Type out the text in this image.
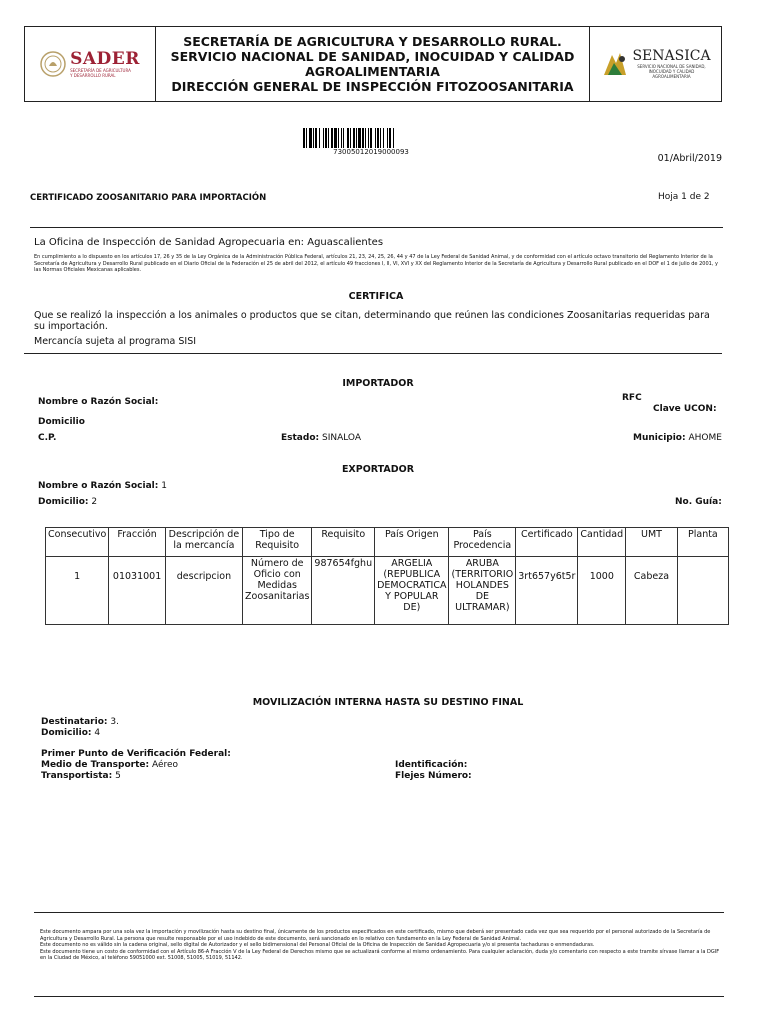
SADER
SECRETARÍA DE AGRICULTURA
Y DESARROLLO RURAL
SECRETARÍA DE AGRICULTURA Y DESARROLLO RURAL.
SERVICIO NACIONAL DE SANIDAD, INOCUIDAD Y CALIDAD
AGROALIMENTARIA
DIRECCIÓN GENERAL DE INSPECCIÓN FITOZOOSANITARIA
SENASICA
SERVICIO NACIONAL DE SANIDAD,
INOCUIDAD Y CALIDAD
AGROALIMENTARIA
73005012019000093
01/Abril/2019
CERTIFICADO ZOOSANITARIO PARA IMPORTACIÓN	Hoja 1 de 2
La Oficina de Inspección de Sanidad Agropecuaria en: Aguascalientes
En cumplimiento a lo dispuesto en los artículos 17, 26 y 35 de la Ley Orgánica de la Administración Pública Federal, artículos 21, 23, 24, 25, 26, 44 y 47 de la Ley Federal de Sanidad Animal, y de conformidad con el artículo octavo transitorio del Reglamento Interior de la Secretaría de Agricultura y Desarrollo Rural publicado en el Diario Oficial de la Federación el 25 de abril del 2012, el artículo 49 fracciones I, II, VI, XVI y XX del Reglamento Interior de la Secretaría de Agricultura y Desarrollo Rural publicado en el DOF el 1 de julio de 2001, y las Normas Oficiales Mexicanas aplicables.
CERTIFICA
Que se realizó la inspección a los animales o productos que se citan, determinando que reúnen las condiciones Zoosanitarias requeridas para su importación.
Mercancía sujeta al programa SISI
IMPORTADOR
Nombre o Razón Social:	RFC
Clave UCON:
Domicilio
C.P.	Estado: SINALOA	Municipio: AHOME
EXPORTADOR
Nombre o Razón Social: 1
Domicilio: 2	No. Guía:
Consecutivo	Fracción	Descripción de la mercancía	Tipo de Requisito	Requisito	País Origen	País Procedencia	Certificado	Cantidad	UMT	Planta
1	01031001	descripcion	Número de Oficio con Medidas Zoosanitarias	987654fghu	ARGELIA (REPUBLICA DEMOCRATICA Y POPULAR DE)	ARUBA (TERRITORIO HOLANDES DE ULTRAMAR)	3rt657y6t5r	1000	Cabeza	
MOVILIZACIÓN INTERNA HASTA SU DESTINO FINAL
Destinatario: 3.
Domicilio: 4
Primer Punto de Verificación Federal:
Medio de Transporte: Aéreo
Transportista: 5
Identificación:
Flejes Número:
Este documento ampara por una sola vez la importación y movilización hasta su destino final, únicamente de los productos especificados en este certificado, mismo que deberá ser presentado cada vez que sea requerido por el personal autorizado de la Secretaría de Agricultura y Desarrollo Rural. La persona que resulte responsable por el uso indebido de este documento, será sancionado en lo relativo con fundamento en la Ley Federal de Sanidad Animal.
Este documento no es válido sin la cadena original, sello digital de Autorizador y el sello bidimensional del Personal Oficial de la Oficina de Inspección de Sanidad Agropecuaria y/o si presenta tachaduras o enmendaduras.
Este documento tiene un costo de conformidad con el Artículo 86-A Fracción V de la Ley Federal de Derechos mismo que se actualizará conforme al mismo ordenamiento. Para cualquier aclaración, duda y/o comentario con respecto a este tramite sírvase llamar a la DGIF en la Ciudad de México, al teléfono 59051000 ext. 51008, 51005, 51019, 51142.
